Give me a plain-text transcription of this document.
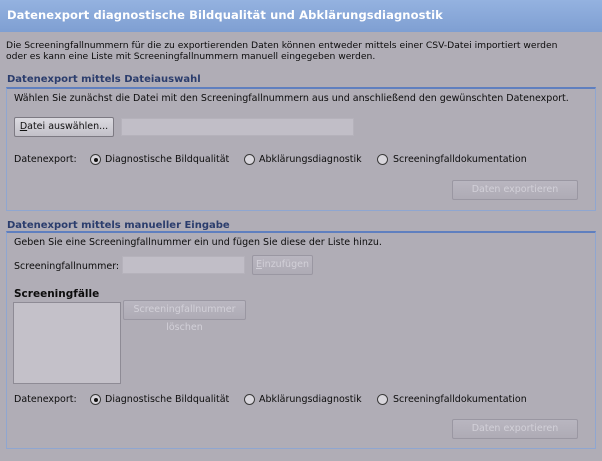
Datenexport diagnostische Bildqualität und Abklärungsdiagnostik
Die Screeningfallnummern für die zu exportierenden Daten können entweder mittels einer CSV-Datei importiert werden
oder es kann eine Liste mit Screeningfallnummern manuell eingegeben werden.
Datenexport mittels Dateiauswahl
Wählen Sie zunächst die Datei mit den Screeningfallnummern aus und anschließend den gewünschten Datenexport.
Datei auswählen...
Datenexport:	Diagnostische Bildqualität	Abklärungsdiagnostik	Screeningfalldokumentation
Daten exportieren
Datenexport mittels manueller Eingabe
Geben Sie eine Screeningfallnummer ein und fügen Sie diese der Liste hinzu.
Screeningfallnummer:	Einzufügen
Screeningfälle
Screeningfallnummer löschen
Datenexport:	Diagnostische Bildqualität	Abklärungsdiagnostik	Screeningfalldokumentation
Daten exportieren
